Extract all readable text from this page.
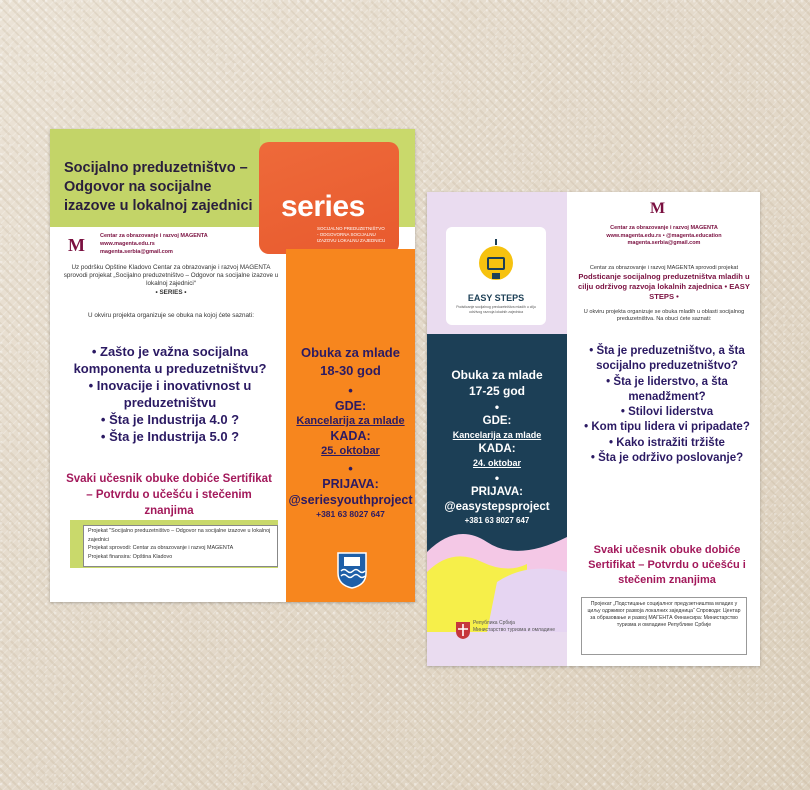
Socijalno preduzetništvo – Odgovor na socijalne izazove u lokalnoj zajednici series
SOCIJALNO PREDUZETNIŠTVO - ODGOVORNA SOCIJALNU IZAZOVU LOKALNU ZAJEDNICU
M	Centar za obrazovanje i razvoj MAGENTA
www.magenta.edu.rs
magenta.serbia@gmail.com
Uz podršku Opštine Kladovo Centar za obrazovanje i razvoj MAGENTA sprovodi projekat „Socijalno preduzetništvo – Odgovor na socijalne izazove u lokalnoj zajednici“
• SERIES •
U okviru projekta organizuje se obuka na kojoj ćete saznati:
• Zašto je važna socijalna komponenta u preduzetništvu?
• Inovacije i inovativnost u preduzetništvu
• Šta je Industrija 4.0 ?
• Šta je Industrija 5.0 ?
Svaki učesnik obuke dobiće Sertifikat – Potvrdu o učešću i stečenim znanjima
Projekat "Socijalno preduzetništvo – Odgovor na socijalne izazove u lokalnoj zajednici
Projekat sprovodi: Centar za obrazovanje i razvoj MAGENTA
Projekat finansira: Opština Kladovo
Obuka za mlade
18-30 god
•
GDE:
Kancelarija za mlade
KADA:
25. oktobar
•
PRIJAVA:
@seriesyouthproject
+381 63 8027 647
EASY STEPS
Podsticanje socijalnog preduzetništva mladih u cilju održivog razvoja lokalnih zajednica
Obuka za mlade
17-25 god
•
GDE:
Kancelarija za mlade
KADA:
24. oktobar
•
PRIJAVA:
@easystepsproject
+381 63 8027 647
Република Србија
Министарство туризма и омладине
M
Centar za obrazovanje i razvoj MAGENTA
www.magenta.edu.rs • @magenta.education
magenta.serbia@gmail.com
Centar za obrazovanje i razvoj MAGENTA sprovodi projekat
Podsticanje socijalnog preduzetništva mladih u cilju održivog razvoja lokalnih zajednica • EASY STEPS •
U okviru projekta organizuje se obuka mladih u oblasti socijalnog preduzetništva. Na obuci ćete saznati:
• Šta je preduzetništvo, a šta socijalno preduzetništvo?
• Šta je liderstvo, a šta menadžment?
• Stilovi liderstva
• Kom tipu lidera vi pripadate?
• Kako istražiti tržište
• Šta je održivo poslovanje?
Svaki učesnik obuke dobiće Sertifikat – Potvrdu o učešću i stečenim znanjima
Пројекат „Подстицање социјалног предузетништва младих у циљу одрживог развоја локалних заједница“ Спроводи: Центар за образовање и развој МАГЕНТА Финансира: Министарство туризма и омладине Републике Србије
